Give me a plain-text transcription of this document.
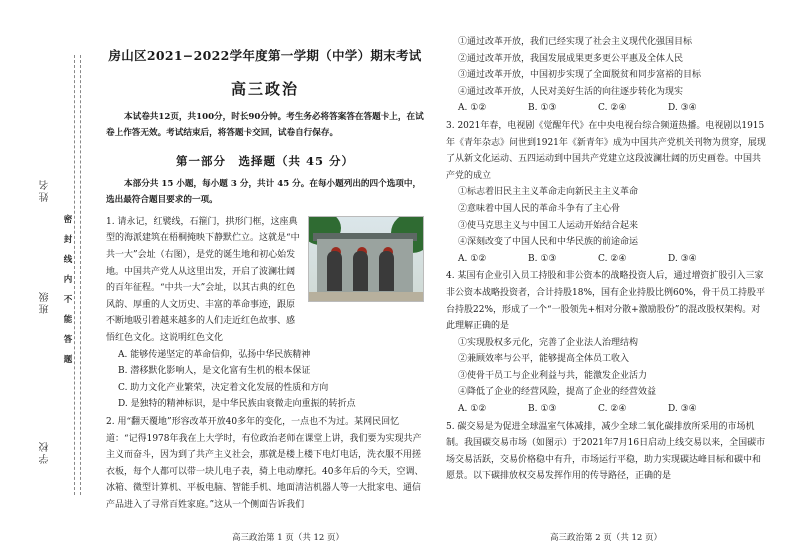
姓名
班级
学校
密
封
线
内
不
能
答
题
房山区2021−2022学年度第一学期（中学）期末考试
高三政治

本试卷共12页，共100分，时长90分钟。考生务必将答案答在答题卡上，在试卷上作答无效。考试结束后，将答题卡交回，试卷自行保存。

第一部分　选择题（共 45 分）

本部分共 15 小题，每小题 3 分，共计 45 分。在每小题列出的四个选项中，选出最符合题目要求的一项。

1. 请永记，红襞线，石箍门，拱形门框，这座典型的海派建筑在梧桐掩映下静默伫立。这就是“中共一大”会址（右图），是党的诞生地和初心始发地。中国共产党人从这里出发，开启了波澜壮阔的百年征程。“中共一大”会址，以其古典的红色风韵、厚重的人文历史、丰富的革命事迹，跟原不断地吸引着越来越多的人们走近红色故事、感悟红色文化。这说明红色文化

A. 能够传递坚定的革命信仰，弘扬中华民族精神

B. 潜移默化影响人，是文化富有生机的根本保证

C. 助力文化产业繁荣，决定着文化发展的性质和方向

D. 是独特的精神标识，是中华民族由衰微走向重振的转折点

2. 用“翻天覆地”形容改革开放40多年的变化，一点也不为过。某网民回忆道：“记得1978年我在上大学时，有位政治老师在课堂上讲，我们要为实现共产主义而奋斗，因为到了共产主义社会，那就是楼上楼下电灯电话，洗衣服不用搓衣板，每个人都可以带一块儿电子表，骑上电动摩托。40多年后的今天，空调、冰箱、微型计算机、平板电脑、智能手机、地面清洁机器人等一大批家电、通信产品进入了寻常百姓家庭。”这从一个侧面告诉我们

①通过改革开放，我们已经实现了社会主义现代化强国目标

②通过改革开放，我国发展成果更多更公平惠及全体人民

③通过改革开放，中国初步实现了全面脱贫和同步富裕的目标

④通过改革开放，人民对美好生活的向往逐步转化为现实

A. ①②	B. ①③	C. ②④	D. ③④

3. 2021年春，电视剧《觉醒年代》在中央电视台综合频道热播。电视剧以1915年《青年杂志》问世到1921年《新青年》成为中国共产党机关刊物为贯穿，展现了从新文化运动、五四运动到中国共产党建立这段波澜壮阔的历史画卷。中国共产党的成立

①标志着旧民主主义革命走向新民主主义革命

②意味着中国人民的革命斗争有了主心骨

③使马克思主义与中国工人运动开始结合起来

④深刻改变了中国人民和中华民族的前途命运

A. ①②	B. ①③	C. ②④	D. ③④

4. 某国有企业引入员工持股和非公资本的战略投资人后，通过增资扩股引入三家非公资本战略投资者，合计持股18%，国有企业持股比例60%，骨干员工持股平台持股22%，形成了一个“一股领先+相对分散+激励股份”的混改股权架构。对此理解正确的是

①实现股权多元化，完善了企业法人治理结构

②兼顾效率与公平，能够提高全体员工收入

③使骨干员工与企业利益与共，能激发企业活力

④降低了企业的经营风险，提高了企业的经营效益

A. ①②	B. ①③	C. ②④	D. ③④

5. 碳交易是为促进全球温室气体减排，减少全球二氧化碳排放所采用的市场机制。我国碳交易市场（如图示）于2021年7月16日启动上线交易以来，全国碳市场交易活跃，交易价格稳中有升，市场运行平稳，助力实现碳达峰目标和碳中和愿景。以下碳排放权交易发挥作用的传导路径，正确的是

高三政治第 1 页（共 12 页）	高三政治第 2 页（共 12 页）
